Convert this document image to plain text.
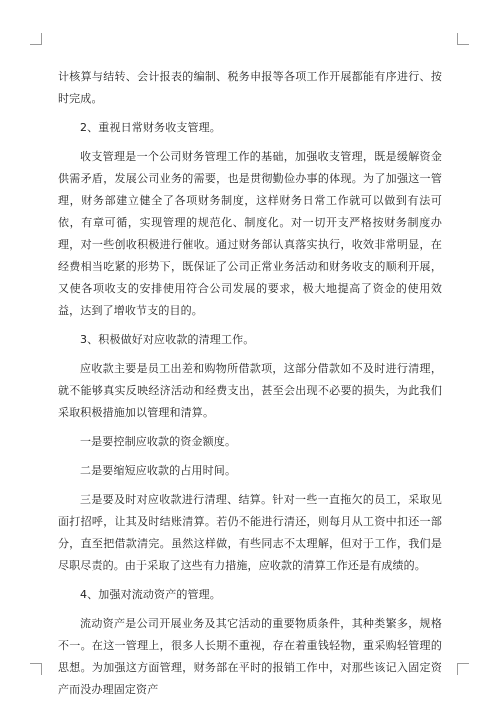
计核算与结转、会计报表的编制、税务申报等各项工作开展都能有序进行、按时完成。

2、重视日常财务收支管理。

收支管理是一个公司财务管理工作的基础，加强收支管理，既是缓解资金供需矛盾，发展公司业务的需要，也是贯彻勤俭办事的体现。为了加强这一管理，财务部建立健全了各项财务制度，这样财务日常工作就可以做到有法可依，有章可循，实现管理的规范化、制度化。对一切开支严格按财务制度办理，对一些创收积极进行催收。通过财务部认真落实执行，收效非常明显，在经费相当吃紧的形势下，既保证了公司正常业务活动和财务收支的顺利开展，又使各项收支的安排使用符合公司发展的要求，极大地提高了资金的使用效益，达到了增收节支的目的。

3、积极做好对应收款的清理工作。

应收款主要是员工出差和购物所借款项，这部分借款如不及时进行清理，就不能够真实反映经济活动和经费支出，甚至会出现不必要的损失，为此我们采取积极措施加以管理和清算。

一是要控制应收款的资金额度。

二是要缩短应收款的占用时间。

三是要及时对应收款进行清理、结算。针对一些一直拖欠的员工，采取见面打招呼，让其及时结账清算。若仍不能进行清还，则每月从工资中扣还一部分，直至把借款清完。虽然这样做，有些同志不太理解，但对于工作，我们是尽职尽责的。由于采取了这些有力措施，应收款的清算工作还是有成绩的。

4、加强对流动资产的管理。

流动资产是公司开展业务及其它活动的重要物质条件，其种类繁多，规格不一。在这一管理上，很多人长期不重视，存在着重钱轻物，重采购轻管理的思想。为加强这方面管理，财务部在平时的报销工作中，对那些该记入固定资产而没办理固定资产
